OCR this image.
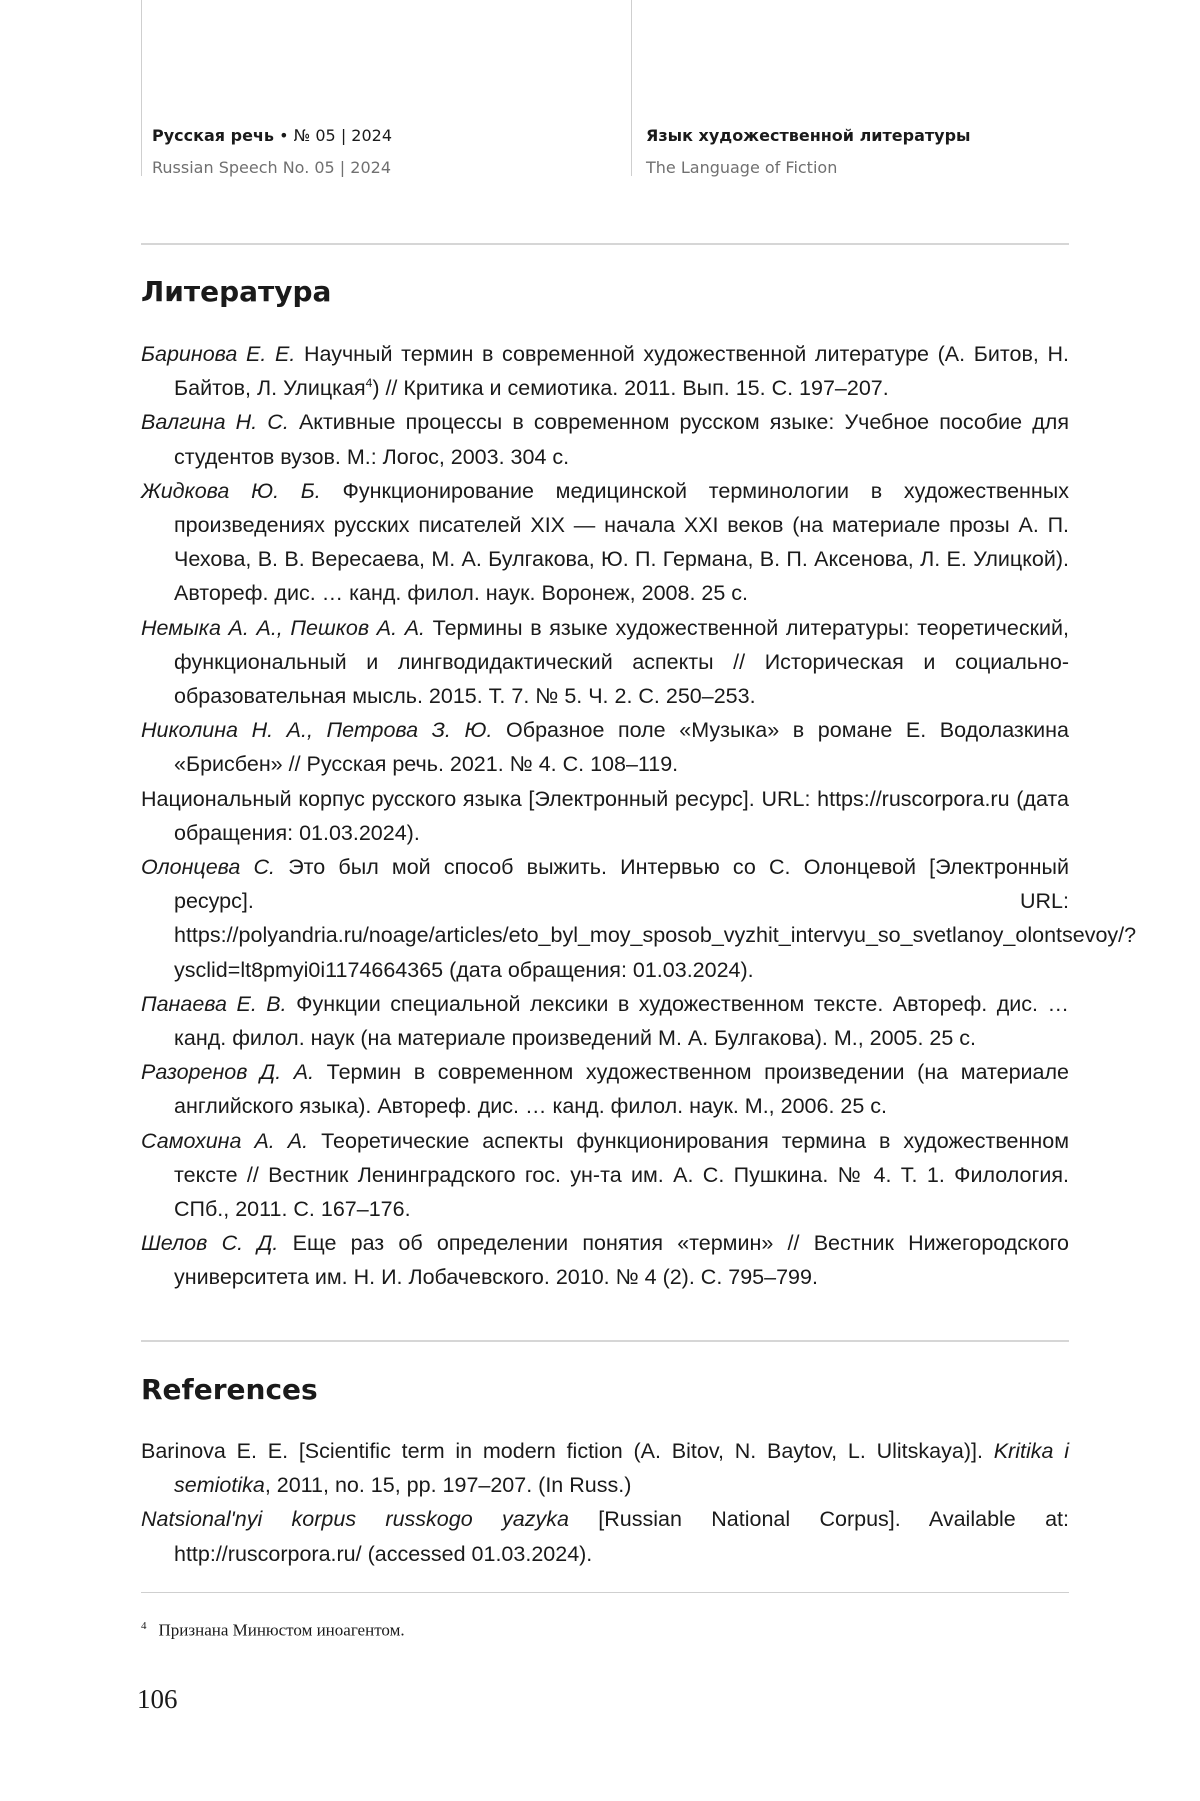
Русская речь • № 05 | 2024
Russian Speech No. 05 | 2024
Язык художественной литературы
The Language of Fiction
Литература

Баринова Е. Е. Научный термин в современной художественной литературе (А. Битов, Н. Байтов, Л. Улицкая$^4$) // Критика и семиотика. 2011. Вып. 15. С. 197–207.

Валгина Н. С. Активные процессы в современном русском языке: Учебное пособие для студентов вузов. М.: Логос, 2003. 304 с.

Жидкова Ю. Б. Функционирование медицинской терминологии в художественных произведениях русских писателей XIX — начала XXI веков (на материале прозы А. П. Чехова, В. В. Вересаева, М. А. Булгакова, Ю. П. Германа, В. П. Аксенова, Л. Е. Улицкой). Автореф. дис. … канд. филол. наук. Воронеж, 2008. 25 с.

Немыка А. А., Пешков А. А. Термины в языке художественной литературы: теоретический, функциональный и лингводидактический аспекты // Историческая и социально-образовательная мысль. 2015. Т. 7. № 5. Ч. 2. С. 250–253.

Николина Н. А., Петрова З. Ю. Образное поле «Музыка» в романе Е. Водолазкина «Брисбен» // Русская речь. 2021. № 4. С. 108–119.

Национальный корпус русского языка [Электронный ресурс]. URL: https://ruscorpora.ru (дата обращения: 01.03.2024).

Олонцева С. Это был мой способ выжить. Интервью со С. Олонцевой [Электронный ресурс]. URL: https://polyandria.ru/noage/articles/eto_byl_moy_sposob_vyzhit_intervyu_so_svetlanoy_olontsevoy/?ysclid=lt8pmyi0i1174664365 (дата обращения: 01.03.2024).

Панаева Е. В. Функции специальной лексики в художественном тексте. Автореф. дис. … канд. филол. наук (на материале произведений М. А. Булгакова). М., 2005. 25 с.

Разоренов Д. А. Термин в современном художественном произведении (на материале английского языка). Автореф. дис. … канд. филол. наук. М., 2006. 25 с.

Самохина А. А. Теоретические аспекты функционирования термина в художественном тексте // Вестник Ленинградского гос. ун-та им. А. С. Пушкина. № 4. Т. 1. Филология. СПб., 2011. С. 167–176.

Шелов С. Д. Еще раз об определении понятия «термин» // Вестник Нижегородского университета им. Н. И. Лобачевского. 2010. № 4 (2). С. 795–799.

References

Barinova E. E. [Scientific term in modern fiction (A. Bitov, N. Baytov, L. Ulitskaya)]. Kritika i semiotika, 2011, no. 15, pp. 197–207. (In Russ.)

Natsional'nyi korpus russkogo yazyka [Russian National Corpus]. Available at: http://ruscorpora.ru/ (accessed 01.03.2024).

$^4$ Признана Минюстом иноагентом.
106
